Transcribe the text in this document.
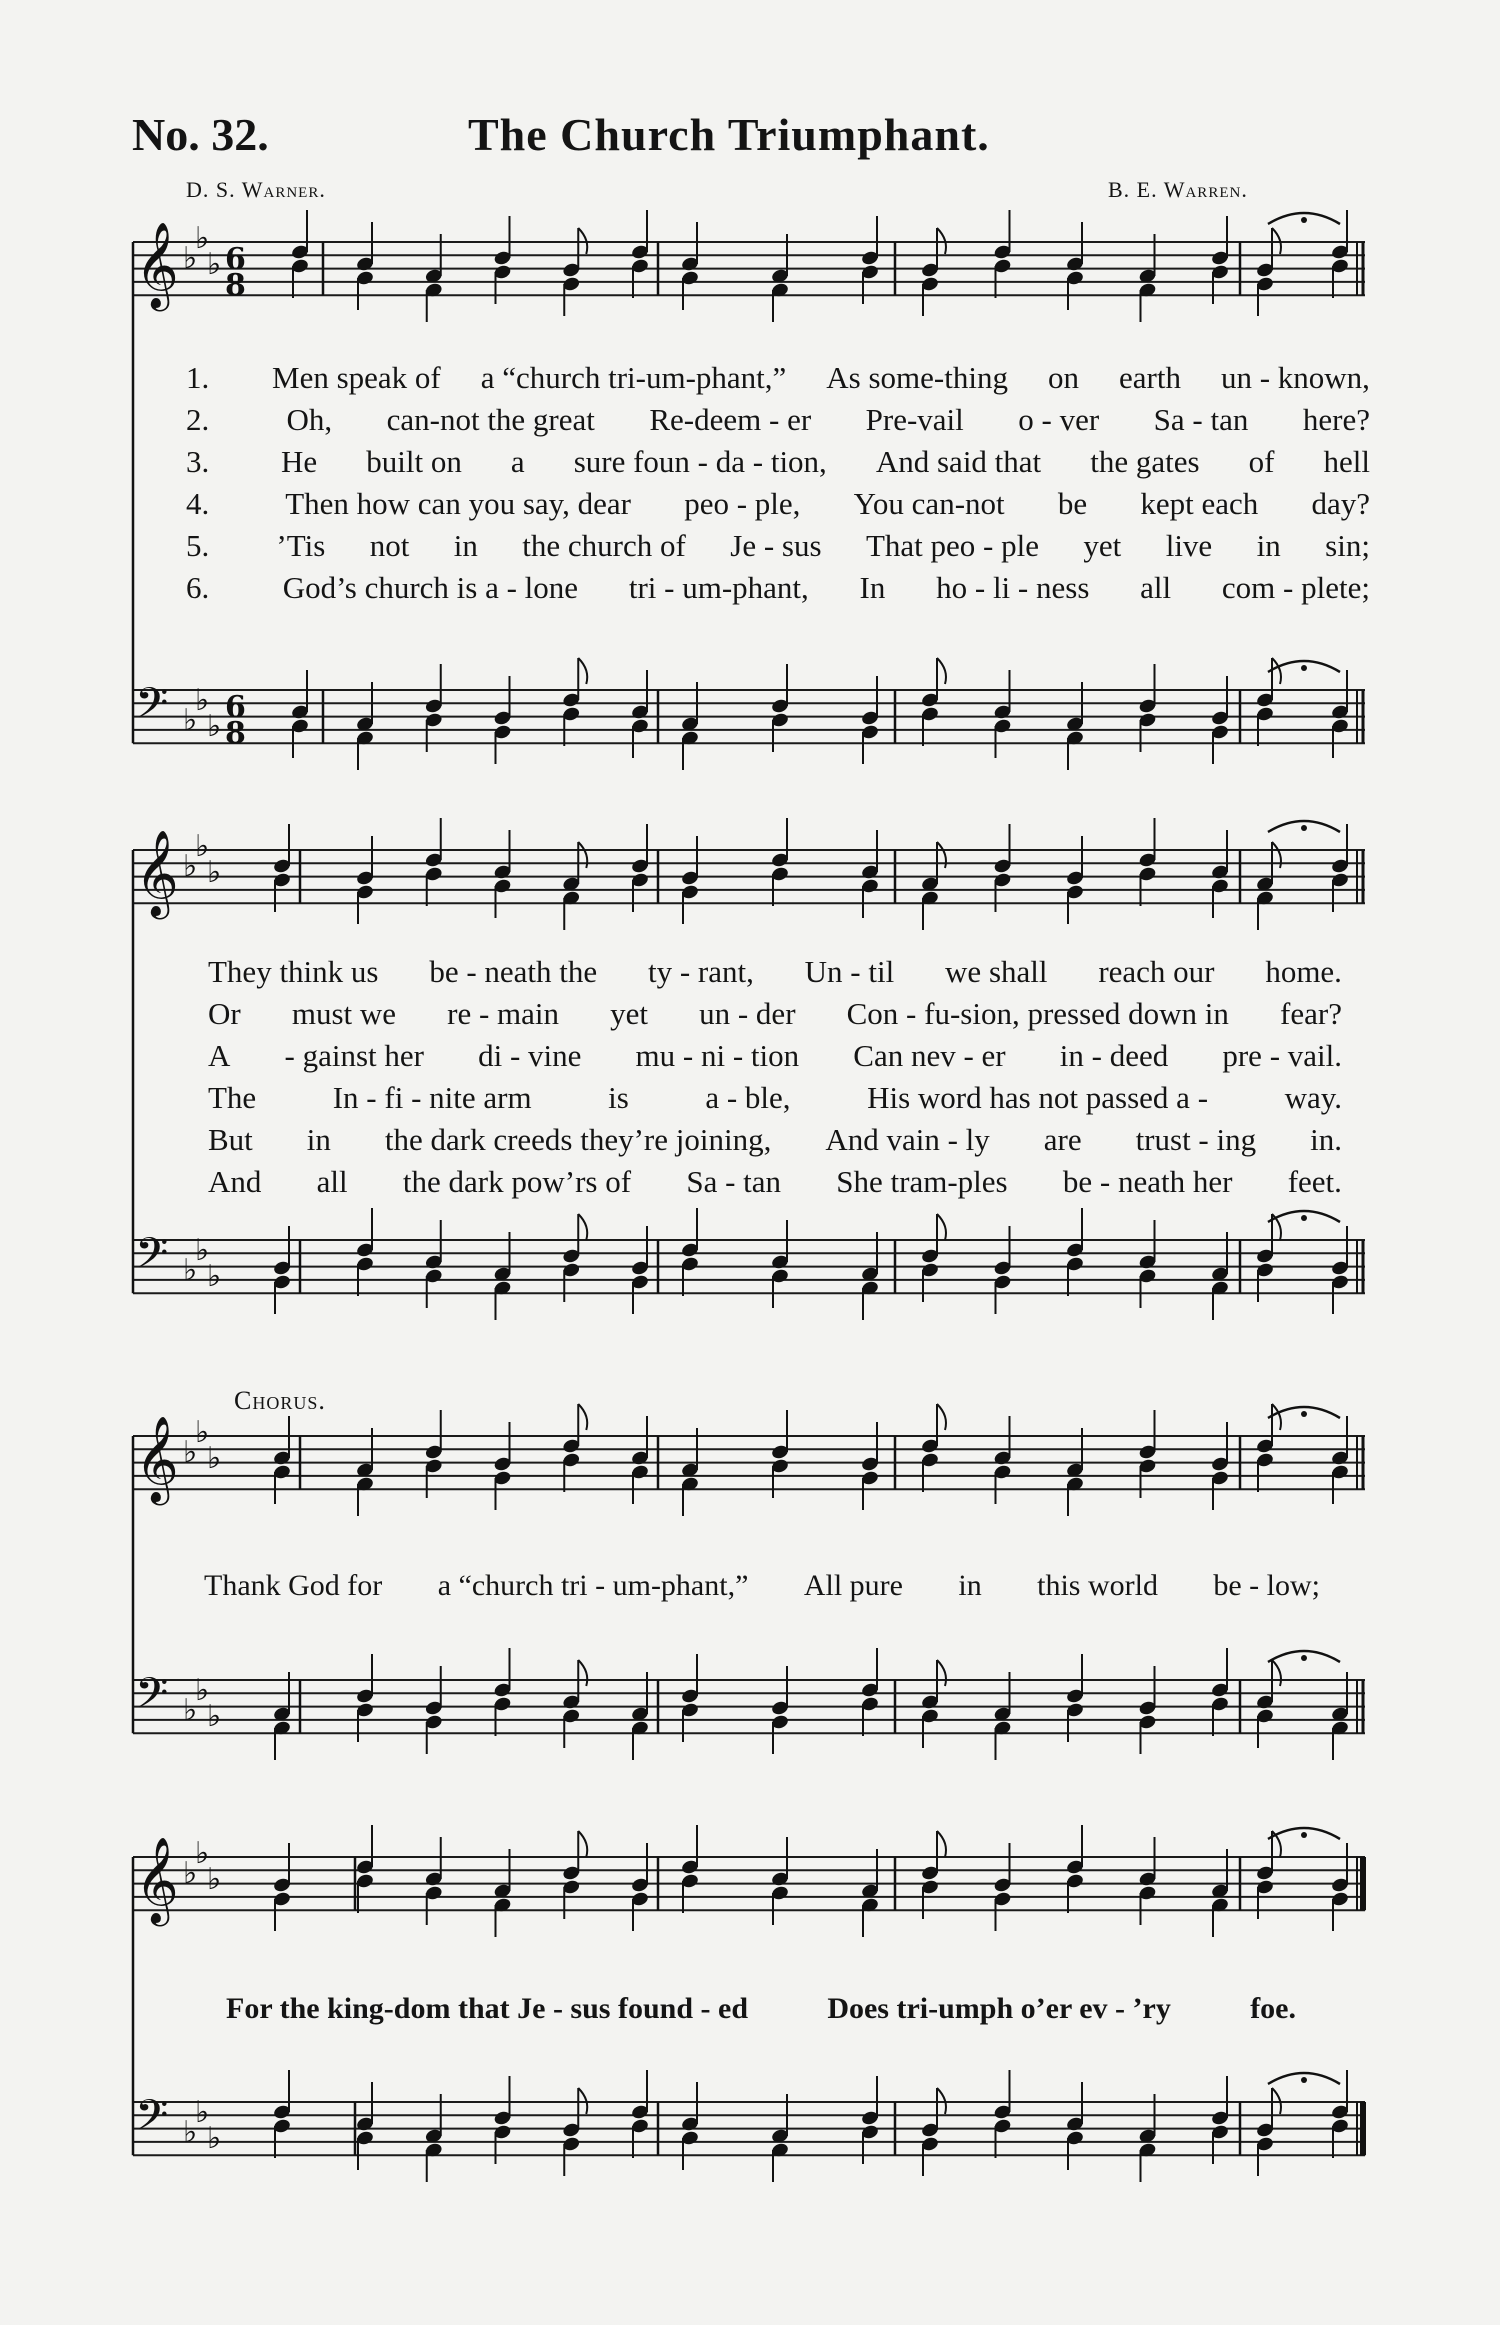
No. 32.	The Church Triumphant.
D. S. Warner.	B. E. Warren.
𝄞 ♭
♭
♭ 6
8
𝄢 ♭
♭
♭
6
8
𝄞 ♭
♭
♭
𝄢 ♭
♭
♭
𝄞 ♭
♭
♭
𝄢 ♭
♭
♭
𝄞 ♭
♭
♭
𝄢 ♭
♭
♭
1.	Men speak of a “church tri-um-phant,” As some-thing on earth un - known,
2.	Oh, can-not the great Re-deem - er Pre-vail o - ver Sa - tan here?
3.	He built on a sure foun - da - tion, And said that the gates of hell
4.	Then how can you say, dear peo - ple, You can-not be kept each day?
5.	’Tis not in the church of Je - sus That peo - ple yet live in sin;
6.	God’s church is a - lone tri - um-phant, In ho - li - ness all com - plete;
They think us be - neath the ty - rant, Un - til we shall reach our home.
Or must we re - main yet un - der Con - fu-sion, pressed down in fear?
A - gainst her di - vine mu - ni - tion Can nev - er in - deed pre - vail.
The In - fi - nite arm is a - ble, His word has not passed a - way.
But in the dark creeds they’re joining, And vain - ly are trust - ing in.
And all the dark pow’rs of Sa - tan She tram-ples be - neath her feet.
Chorus.
Thank God for a “church tri - um-phant,” All pure in this world be - low;
For the king-dom that Je - sus found - ed	Does tri-umph o’er ev - ’ry	foe.
